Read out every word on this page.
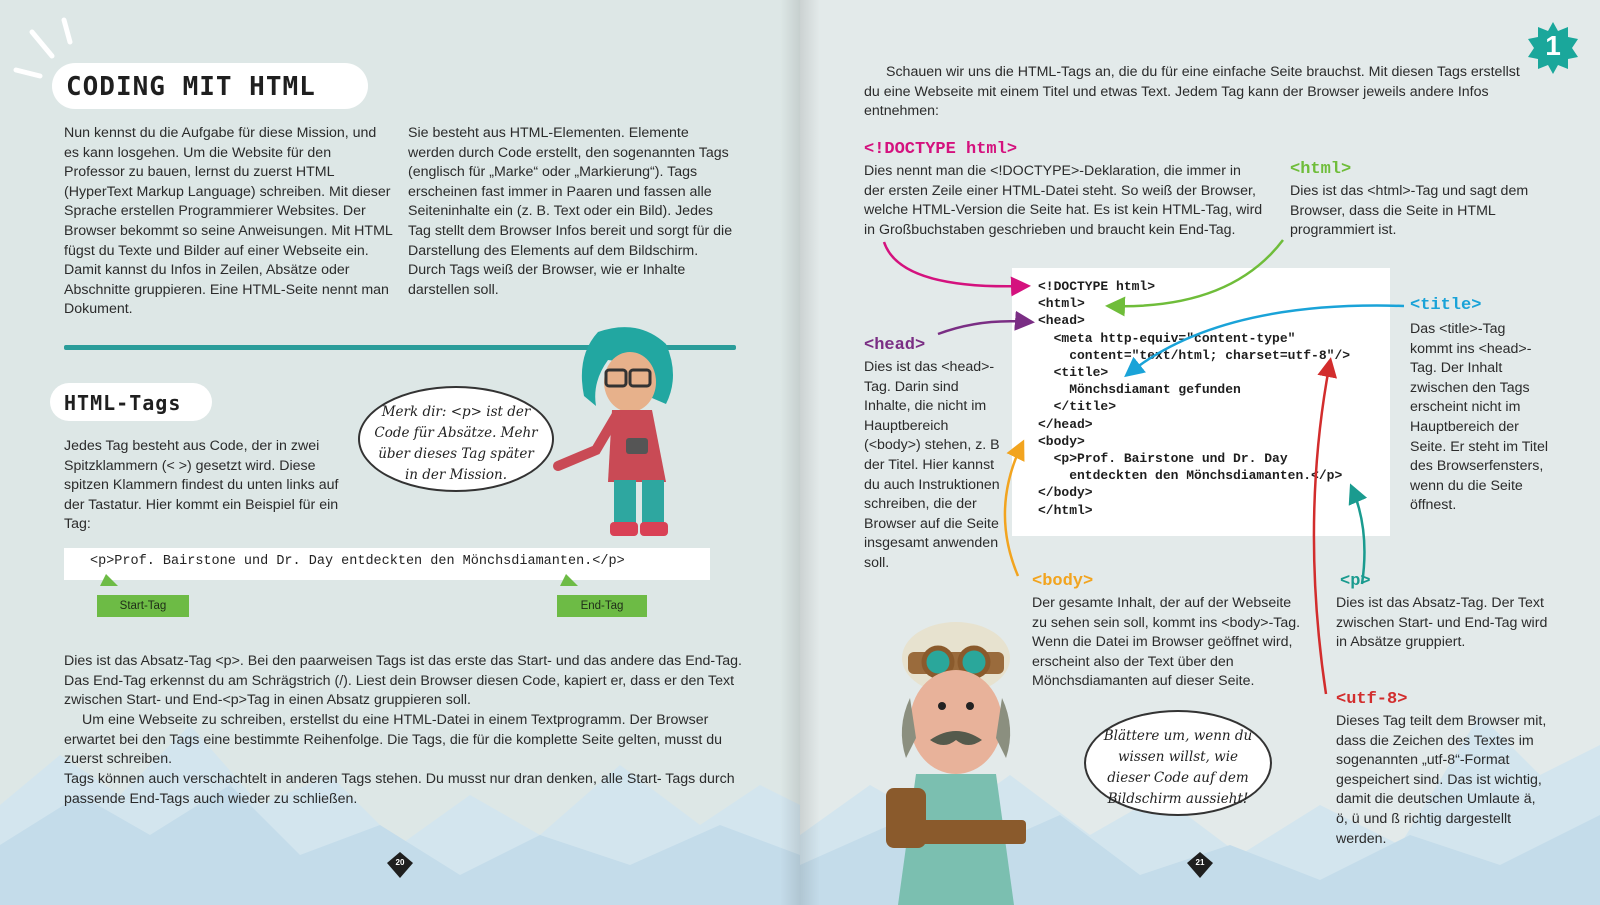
CODING MIT HTML
Nun kennst du die Aufgabe für diese Mission, und es kann losgehen. Um die Website für den Professor zu bauen, lernst du zuerst HTML (HyperText Markup Language) schreiben. Mit dieser Sprache erstellen Programmierer Websites. Der Browser bekommt so seine Anweisungen. Mit HTML fügst du Texte und Bilder auf einer Webseite ein. Damit kannst du Infos in Zeilen, Absätze oder Abschnitte gruppieren. Eine HTML-Seite nennt man Dokument.
Sie besteht aus HTML-Elementen. Elemente werden durch Code erstellt, den sogenannten Tags (englisch für „Marke“ oder „Markierung“). Tags erscheinen fast immer in Paaren und fassen alle Seiteninhalte ein (z. B. Text oder ein Bild). Jedes Tag stellt dem Browser Infos bereit und sorgt für die Darstellung des Elements auf dem Bildschirm. Durch Tags weiß der Browser, wie er Inhalte darstellen soll.
HTML-Tags
Jedes Tag besteht aus Code, der in zwei Spitzklammern (< >) gesetzt wird. Diese spitzen Klammern findest du unten links auf der Tastatur. Hier kommt ein Beispiel für ein Tag:
Merk dir: <p> ist der Code für Absätze. Mehr über dieses Tag später in der Mission.
<p>Prof. Bairstone und Dr. Day entdeckten den Mönchsdiamanten.</p>
Start-Tag	End-Tag
Dies ist das Absatz-Tag <p>. Bei den paarweisen Tags ist das erste das Start- und das andere das End-Tag. Das End-Tag erkennst du am Schrägstrich (/). Liest dein Browser diesen Code, kapiert er, dass er den Text zwischen Start- und End-<p>Tag in einen Absatz gruppieren soll.
Um eine Webseite zu schreiben, erstellst du eine HTML-Datei in einem Textprogramm. Der Browser erwartet bei den Tags eine bestimmte Reihenfolge. Die Tags, die für die komplette Seite gelten, musst du zuerst schreiben.
Tags können auch verschachtelt in anderen Tags stehen. Du musst nur dran denken, alle Start- Tags durch passende End-Tags auch wieder zu schließen.
20
Schauen wir uns die HTML-Tags an, die du für eine einfache Seite brauchst. Mit diesen Tags erstellst du eine Webseite mit einem Titel und etwas Text. Jedem Tag kann der Browser jeweils andere Infos entnehmen:
<!DOCTYPE html>
Dies nennt man die <!DOCTYPE>-Deklaration, die immer in der ersten Zeile einer HTML-Datei steht. So weiß der Browser, welche HTML-Version die Seite hat. Es ist kein HTML-Tag, wird in Großbuchstaben geschrieben und braucht kein End-Tag.
<html>
Dies ist das <html>-Tag und sagt dem Browser, dass die Seite in HTML programmiert ist.
<head>
Dies ist das <head>-Tag. Darin sind Inhalte, die nicht im Hauptbereich (<body>) stehen, z. B der Titel. Hier kannst du auch Instruktionen schreiben, die der Browser auf die Seite insgesamt anwenden soll.
<title>
Das <title>-Tag kommt ins <head>-Tag. Der Inhalt zwischen den Tags erscheint nicht im Hauptbereich der Seite. Er steht im Titel des Browserfensters, wenn du die Seite öffnest.
<body>
Der gesamte Inhalt, der auf der Webseite zu sehen sein soll, kommt ins <body>-Tag. Wenn die Datei im Browser geöffnet wird, erscheint also der Text über den Mönchsdiamanten auf dieser Seite.
<p>
Dies ist das Absatz-Tag. Der Text zwischen Start- und End-Tag wird in Absätze gruppiert.
<utf-8>
Dieses Tag teilt dem Browser mit, dass die Zeichen des Textes im sogenannten „utf-8“-Format gespeichert sind. Das ist wichtig, damit die deutschen Umlaute ä, ö, ü und ß richtig dargestellt werden.
<!DOCTYPE html>
<html>
<head>
<meta http-equiv="content-type"
content="text/html; charset=utf-8"/>
<title>
Mönchsdiamant gefunden
</title>
</head>
<body>
<p>Prof. Bairstone und Dr. Day
entdeckten den Mönchsdiamanten.</p>
</body>
</html>
Blättere um, wenn du wissen willst, wie dieser Code auf dem Bildschirm aussieht!
1
21
